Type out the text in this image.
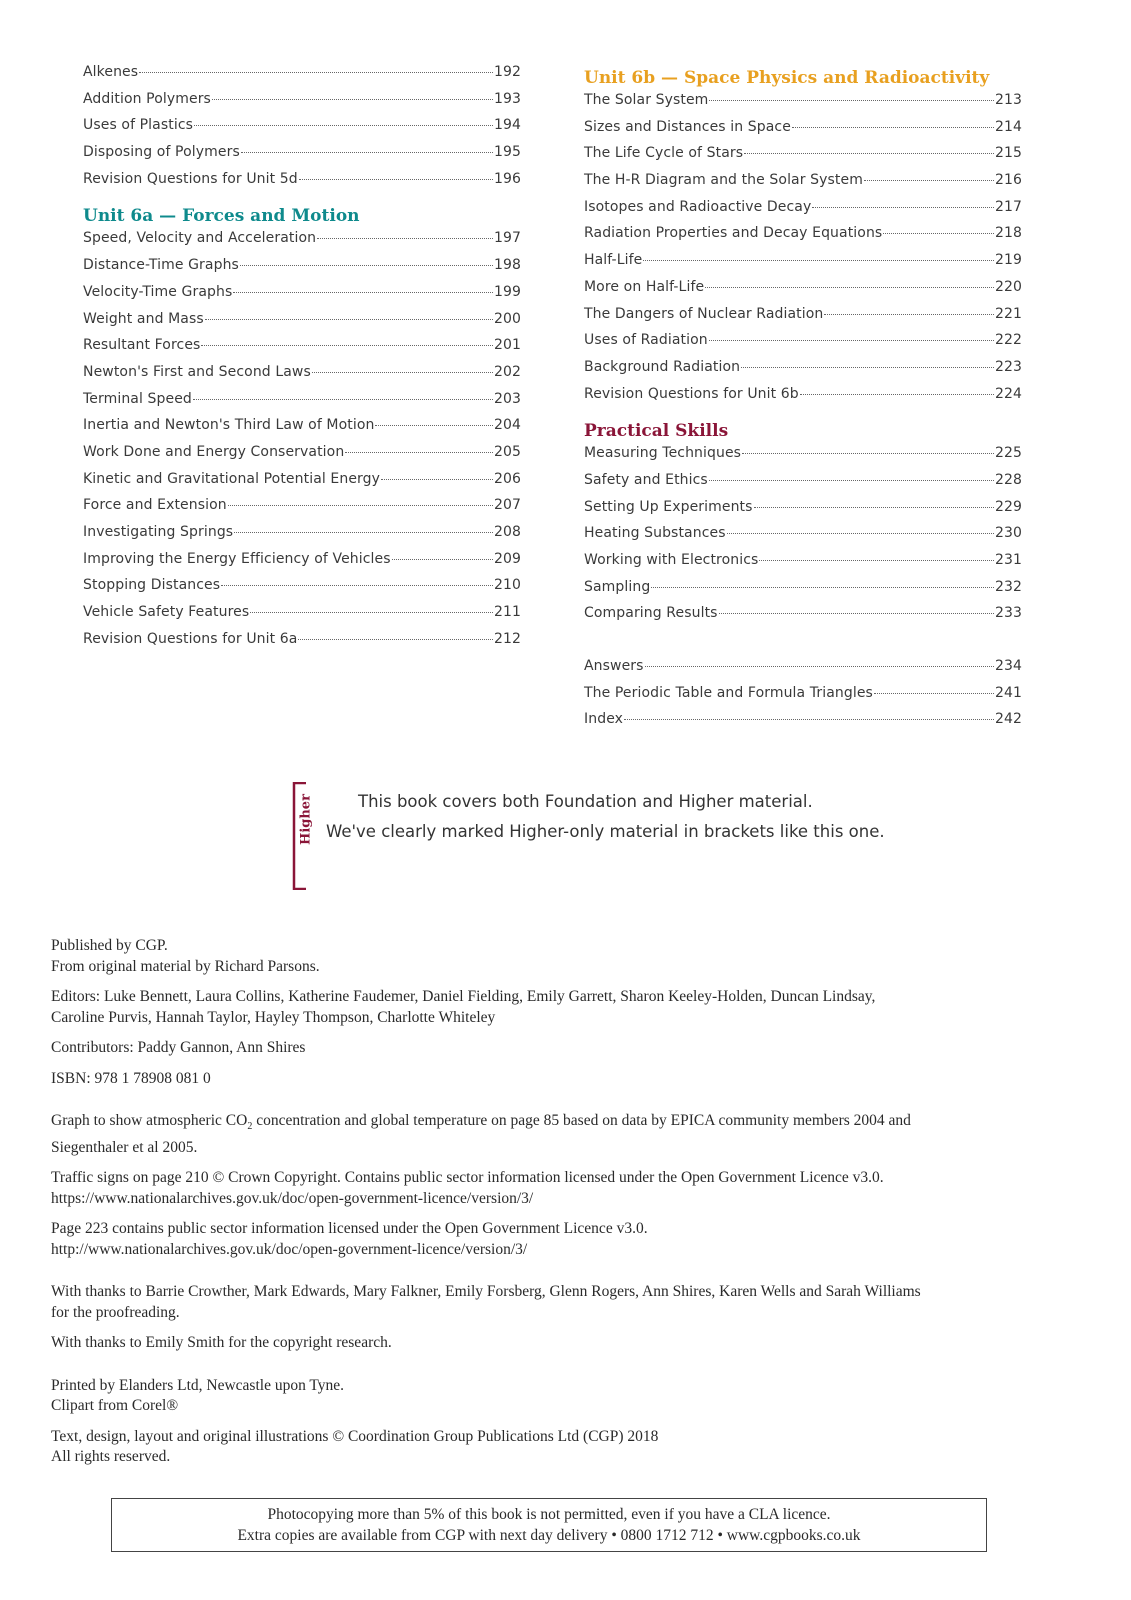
Alkenes	192
Addition Polymers	193
Uses of Plastics	194
Disposing of Polymers	195
Revision Questions for Unit 5d	196
Unit 6a — Forces and Motion
Speed, Velocity and Acceleration	197
Distance-Time Graphs	198
Velocity-Time Graphs	199
Weight and Mass	200
Resultant Forces	201
Newton's First and Second Laws	202
Terminal Speed	203
Inertia and Newton's Third Law of Motion	204
Work Done and Energy Conservation	205
Kinetic and Gravitational Potential Energy	206
Force and Extension	207
Investigating Springs	208
Improving the Energy Efficiency of Vehicles	209
Stopping Distances	210
Vehicle Safety Features	211
Revision Questions for Unit 6a	212
Unit 6b — Space Physics and Radioactivity
The Solar System	213
Sizes and Distances in Space	214
The Life Cycle of Stars	215
The H-R Diagram and the Solar System	216
Isotopes and Radioactive Decay	217
Radiation Properties and Decay Equations	218
Half-Life	219
More on Half-Life	220
The Dangers of Nuclear Radiation	221
Uses of Radiation	222
Background Radiation	223
Revision Questions for Unit 6b	224
Practical Skills
Measuring Techniques	225
Safety and Ethics	228
Setting Up Experiments	229
Heating Substances	230
Working with Electronics	231
Sampling	232
Comparing Results	233
Answers	234
The Periodic Table and Formula Triangles	241
Index	242
Higher	This book covers both Foundation and Higher material.
We've clearly marked Higher-only material in brackets like this one.

Published by CGP.
From original material by Richard Parsons.

Editors: Luke Bennett, Laura Collins, Katherine Faudemer, Daniel Fielding, Emily Garrett, Sharon Keeley-Holden, Duncan Lindsay,
Caroline Purvis, Hannah Taylor, Hayley Thompson, Charlotte Whiteley

Contributors: Paddy Gannon, Ann Shires

ISBN: 978 1 78908 081 0

Graph to show atmospheric $CO_2$ concentration and global temperature on page 85 based on data by EPICA community members 2004 and
Siegenthaler et al 2005.

Traffic signs on page 210 © Crown Copyright. Contains public sector information licensed under the Open Government Licence v3.0.
https://www.nationalarchives.gov.uk/doc/open-government-licence/version/3/

Page 223 contains public sector information licensed under the Open Government Licence v3.0.
http://www.nationalarchives.gov.uk/doc/open-government-licence/version/3/

With thanks to Barrie Crowther, Mark Edwards, Mary Falkner, Emily Forsberg, Glenn Rogers, Ann Shires, Karen Wells and Sarah Williams
for the proofreading.

With thanks to Emily Smith for the copyright research.

Printed by Elanders Ltd, Newcastle upon Tyne.
Clipart from Corel®

Text, design, layout and original illustrations © Coordination Group Publications Ltd (CGP) 2018
All rights reserved.

Photocopying more than 5% of this book is not permitted, even if you have a CLA licence.
Extra copies are available from CGP with next day delivery • 0800 1712 712 • www.cgpbooks.co.uk
